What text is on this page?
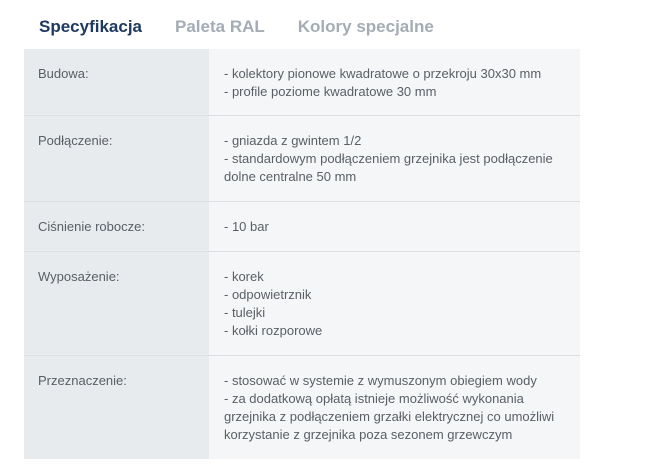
Specyfikacja Paleta RAL Kolory specjalne
Budowa:	- kolektory pionowe kwadratowe o przekroju 30x30 mm
- profile poziome kwadratowe 30 mm
Podłączenie:	- gniazda z gwintem 1/2
- standardowym podłączeniem grzejnika jest podłączenie
dolne centralne 50 mm
Ciśnienie robocze:	- 10 bar
Wyposażenie:	- korek
- odpowietrznik
- tulejki
- kołki rozporowe
Przeznaczenie:	- stosować w systemie z wymuszonym obiegiem wody
- za dodatkową opłatą istnieje możliwość wykonania
grzejnika z podłączeniem grzałki elektrycznej co umożliwi
korzystanie z grzejnika poza sezonem grzewczym
